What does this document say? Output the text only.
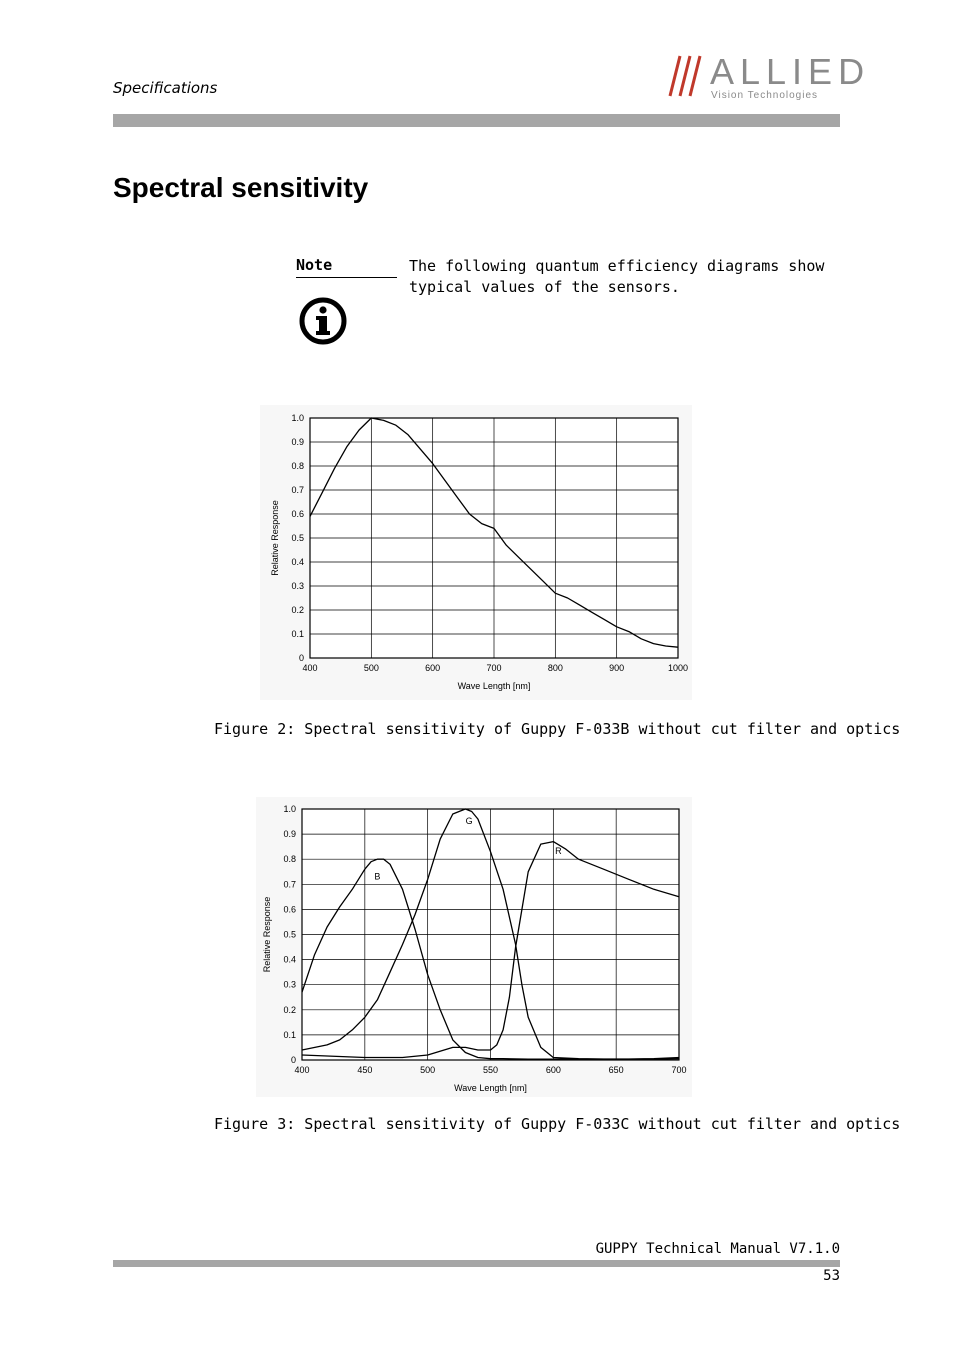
Specifications	ALLIED
Vision Technologies
Spectral sensitivity
Note	The following quantum efficiency diagrams show typical values of the sensors.
400	500	600	700	800	900	1000
0
0.1
0.2
0.3
0.4
0.5
0.6
0.7
0.8
0.9
1.0
Wave Length [nm]
Relative Response
Figure 2: Spectral sensitivity of Guppy F-033B without cut filter and optics
400	450	500	550	600	650	700
0
0.1
0.2
0.3
0.4
0.5
0.6
0.7
0.8
0.9
1.0
Wave Length [nm]
Relative Response
B
G
R
Figure 3: Spectral sensitivity of Guppy F-033C without cut filter and optics
GUPPY Technical Manual V7.1.0
53
